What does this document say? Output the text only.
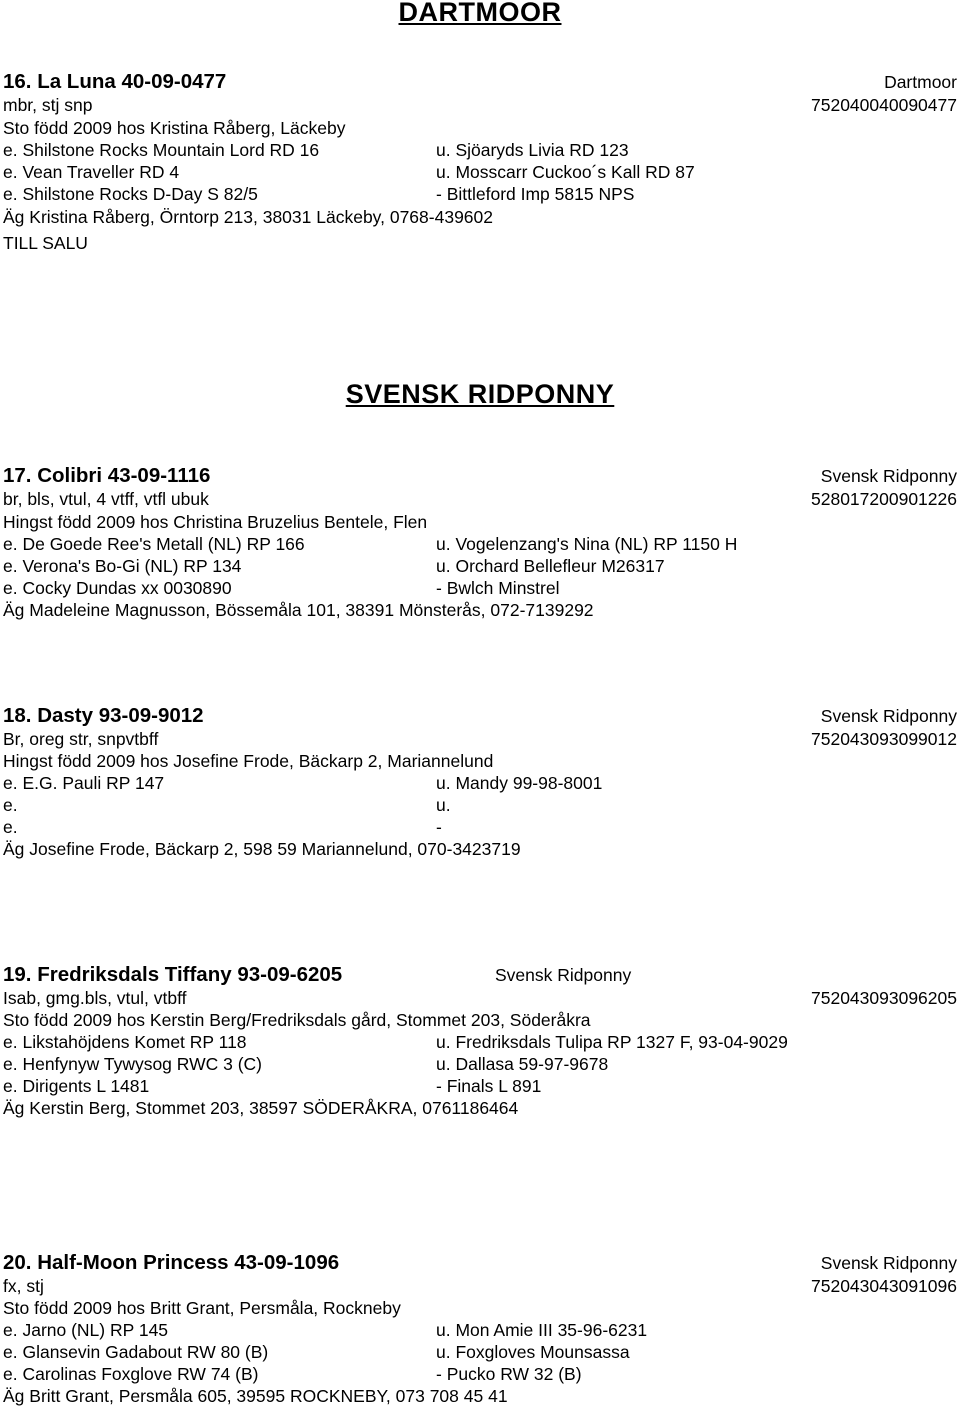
DARTMOOR
16. La Luna 40-09-0477	Dartmoor
mbr, stj snp	752040040090477
Sto född 2009 hos Kristina Råberg, Läckeby
e. Shilstone Rocks Mountain Lord RD 16	u. Sjöaryds Livia RD 123
e. Vean Traveller RD 4	u. Mosscarr Cuckoo´s Kall RD 87
e. Shilstone Rocks D-Day S 82/5	- Bittleford Imp 5815 NPS
Äg Kristina Råberg, Örntorp 213, 38031 Läckeby, 0768-439602
TILL SALU
SVENSK RIDPONNY
17. Colibri 43-09-1116	Svensk Ridponny
br, bls, vtul, 4 vtff, vtfl ubuk	528017200901226
Hingst född 2009 hos Christina Bruzelius Bentele, Flen
e. De Goede Ree's Metall (NL) RP 166	u. Vogelenzang's Nina (NL) RP 1150 H
e. Verona's Bo-Gi (NL) RP 134	u. Orchard Bellefleur M26317
e. Cocky Dundas xx 0030890	- Bwlch Minstrel
Äg Madeleine Magnusson, Bössemåla 101, 38391 Mönsterås, 072-7139292
18. Dasty 93-09-9012	Svensk Ridponny
Br, oreg str, snpvtbff	752043093099012
Hingst född 2009 hos Josefine Frode, Bäckarp 2, Mariannelund
e. E.G. Pauli RP 147	u. Mandy 99-98-8001
e.	u.
e.	-
Äg Josefine Frode, Bäckarp 2, 598 59 Mariannelund, 070-3423719
19. Fredriksdals Tiffany 93-09-6205	Svensk Ridponny
Isab, gmg.bls, vtul, vtbff	752043093096205
Sto född 2009 hos Kerstin Berg/Fredriksdals gård, Stommet 203, Söderåkra
e. Likstahöjdens Komet RP 118	u. Fredriksdals Tulipa RP 1327 F, 93-04-9029
e. Henfynyw Tywysog RWC 3 (C)	u. Dallasa 59-97-9678
e. Dirigents L 1481	- Finals L 891
Äg Kerstin Berg, Stommet 203, 38597 SÖDERÅKRA, 0761186464
20. Half-Moon Princess 43-09-1096	Svensk Ridponny
fx, stj	752043043091096
Sto född 2009 hos Britt Grant, Persmåla, Rockneby
e. Jarno (NL) RP 145	u. Mon Amie III 35-96-6231
e. Glansevin Gadabout RW 80 (B)	u. Foxgloves Mounsassa
e. Carolinas Foxglove RW 74 (B)	- Pucko RW 32 (B)
Äg Britt Grant, Persmåla 605, 39595 ROCKNEBY, 073 708 45 41
